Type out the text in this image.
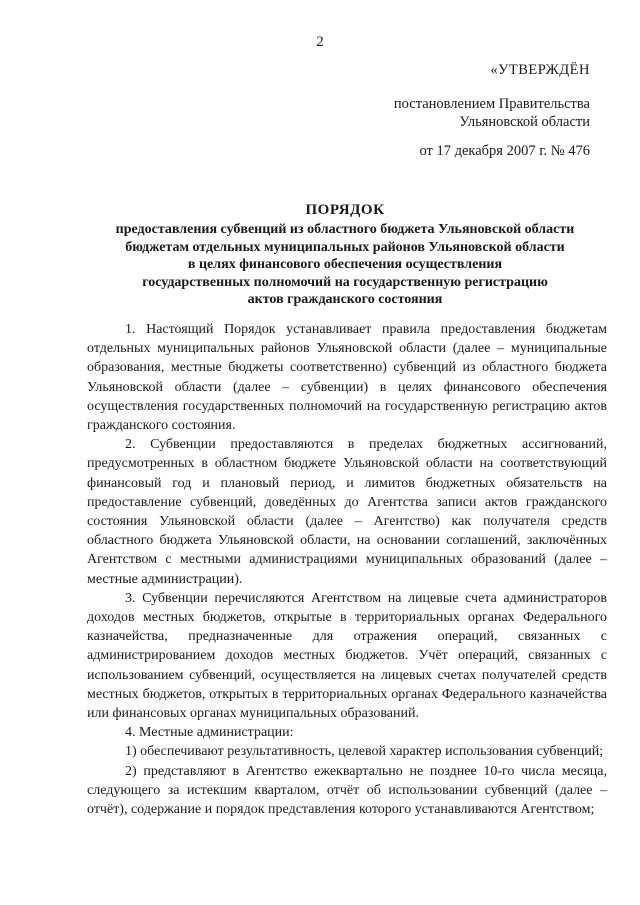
2
«УТВЕРЖДЁН
постановлением Правительства
Ульяновской области
от 17 декабря 2007 г. № 476
ПОРЯДОК
предоставления субвенций из областного бюджета Ульяновской области
бюджетам отдельных муниципальных районов Ульяновской области
в целях финансового обеспечения осуществления
государственных полномочий на государственную регистрацию
актов гражданского состояния

1. Настоящий Порядок устанавливает правила предоставления бюджетам отдельных муниципальных районов Ульяновской области (далее – муниципальные образования, местные бюджеты соответственно) субвенций из областного бюджета Ульяновской области (далее – субвенции) в целях финансового обеспечения осуществления государственных полномочий на государственную регистрацию актов гражданского состояния.

2. Субвенции предоставляются в пределах бюджетных ассигнований, предусмотренных в областном бюджете Ульяновской области на соответствующий финансовый год и плановый период, и лимитов бюджетных обязательств на предоставление субвенций, доведённых до Агентства записи актов гражданского состояния Ульяновской области (далее – Агентство) как получателя средств областного бюджета Ульяновской области, на основании соглашений, заключённых Агентством с местными администрациями муниципальных образований (далее – местные администрации).

3. Субвенции перечисляются Агентством на лицевые счета администраторов доходов местных бюджетов, открытые в территориальных органах Федерального казначейства, предназначенные для отражения операций, связанных с администрированием доходов местных бюджетов. Учёт операций, связанных с использованием субвенций, осуществляется на лицевых счетах получателей средств местных бюджетов, открытых в территориальных органах Федерального казначейства или финансовых органах муниципальных образований.

4. Местные администрации:

1) обеспечивают результативность, целевой характер использования субвенций;

2) представляют в Агентство ежеквартально не позднее 10-го числа месяца, следующего за истекшим кварталом, отчёт об использовании субвенций (далее – отчёт), содержание и порядок представления которого устанавливаются Агентством;
